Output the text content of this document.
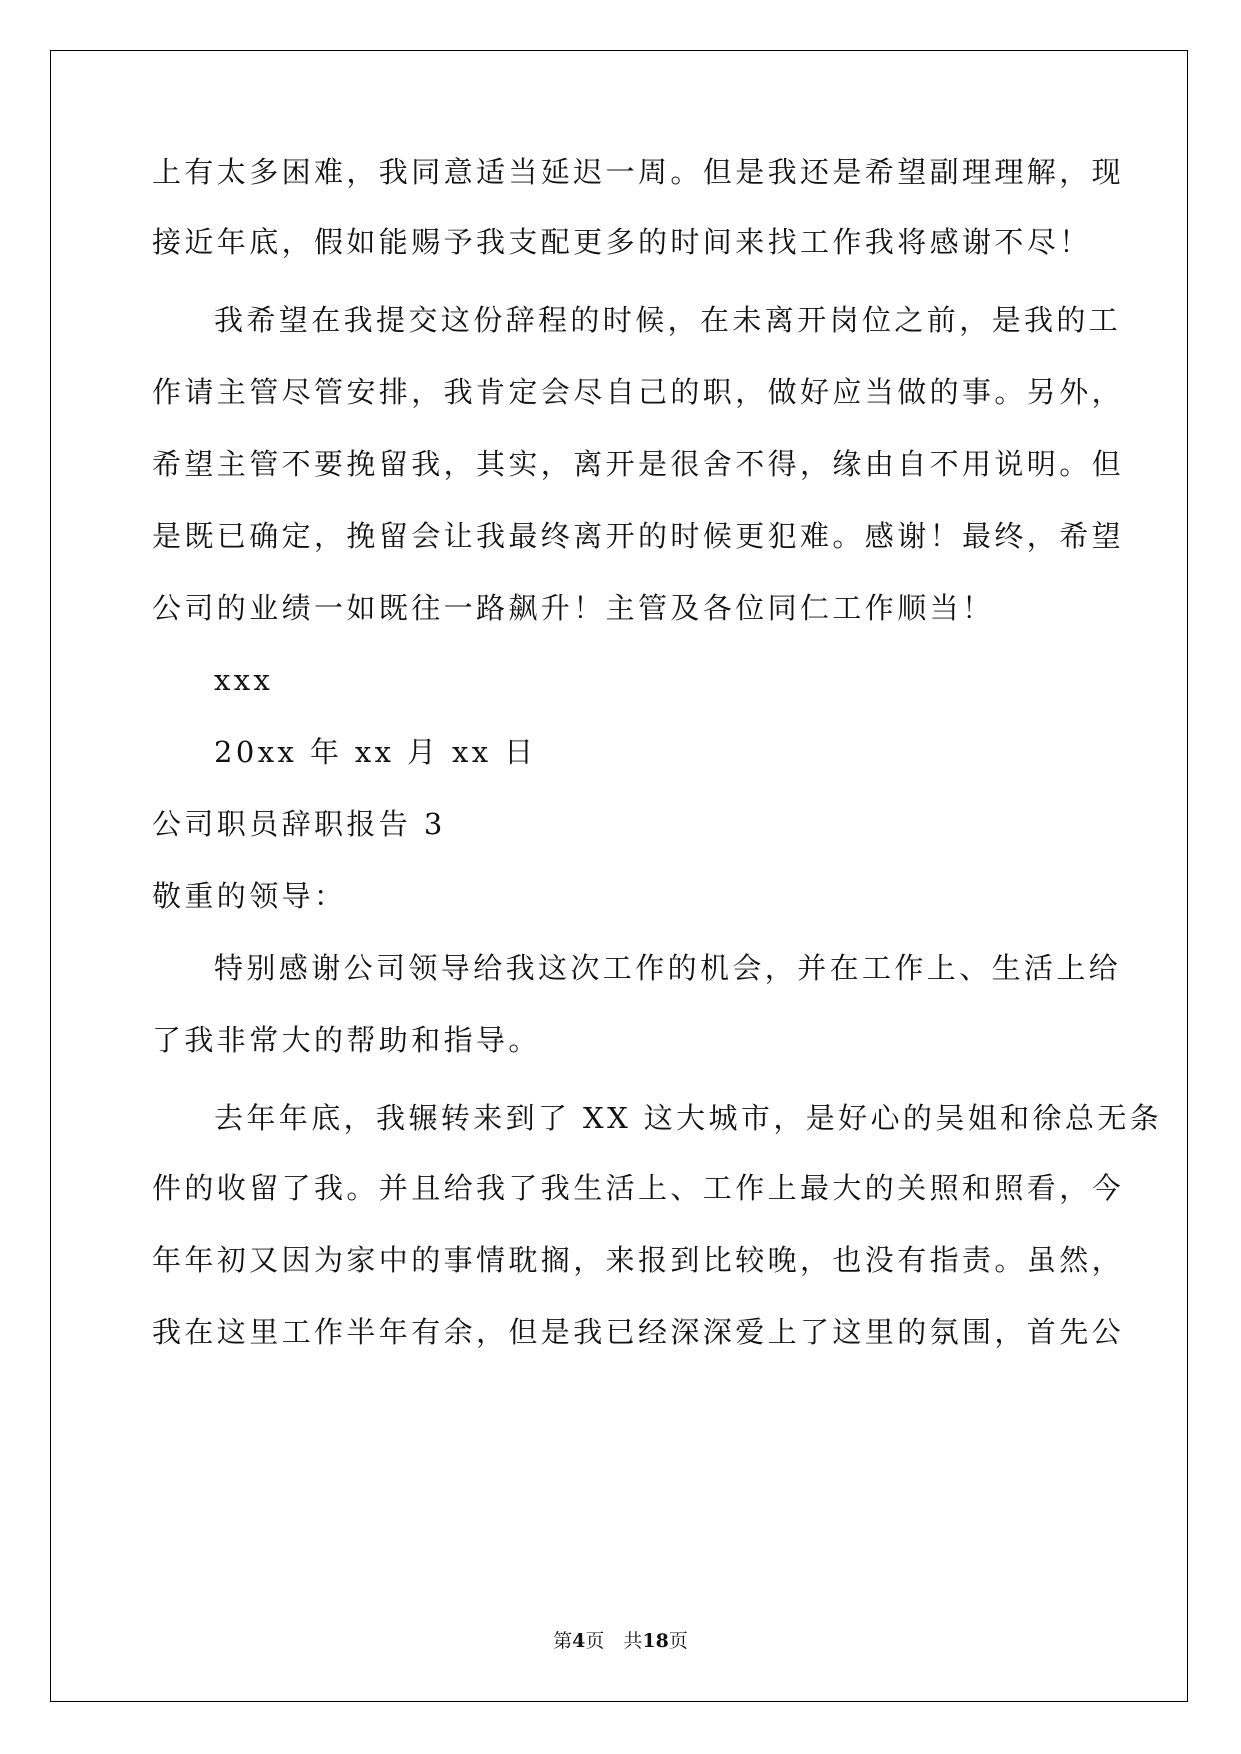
上有太多困难，我同意适当延迟一周。但是我还是希望副理理解，现
接近年底，假如能赐予我支配更多的时间来找工作我将感谢不尽！
我希望在我提交这份辞程的时候，在未离开岗位之前，是我的工
作请主管尽管安排，我肯定会尽自己的职，做好应当做的事。另外，
希望主管不要挽留我，其实，离开是很舍不得，缘由自不用说明。但
是既已确定，挽留会让我最终离开的时候更犯难。感谢！最终，希望
公司的业绩一如既往一路飙升！主管及各位同仁工作顺当！
xxx
20xx 年 xx 月 xx 日
公司职员辞职报告 3
敬重的领导：
特别感谢公司领导给我这次工作的机会，并在工作上、生活上给
了我非常大的帮助和指导。
去年年底，我辗转来到了 XX 这大城市，是好心的吴姐和徐总无条
件的收留了我。并且给我了我生活上、工作上最大的关照和照看，今
年年初又因为家中的事情耽搁，来报到比较晚，也没有指责。虽然，
我在这里工作半年有余，但是我已经深深爱上了这里的氛围，首先公
第4页　共18页
